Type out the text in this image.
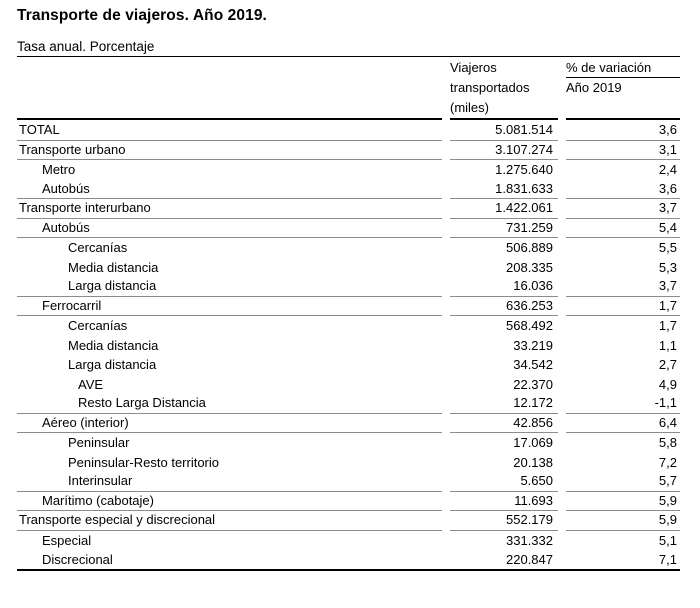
Transporte de viajeros. Año 2019.
Tasa anual. Porcentaje
Viajeros
transportados
(miles)
% de variación
Año 2019
TOTAL	5.081.514	3,6
Transporte urbano	3.107.274	3,1
Metro	1.275.640	2,4
Autobús	1.831.633	3,6
Transporte interurbano	1.422.061	3,7
Autobús	731.259	5,4
Cercanías	506.889	5,5
Media distancia	208.335	5,3
Larga distancia	16.036	3,7
Ferrocarril	636.253	1,7
Cercanías	568.492	1,7
Media distancia	33.219	1,1
Larga distancia	34.542	2,7
AVE	22.370	4,9
Resto Larga Distancia	12.172	-1,1
Aéreo (interior)	42.856	6,4
Peninsular	17.069	5,8
Peninsular-Resto territorio	20.138	7,2
Interinsular	5.650	5,7
Marítimo (cabotaje)	11.693	5,9
Transporte especial y discrecional	552.179	5,9
Especial	331.332	5,1
Discrecional	220.847	7,1
